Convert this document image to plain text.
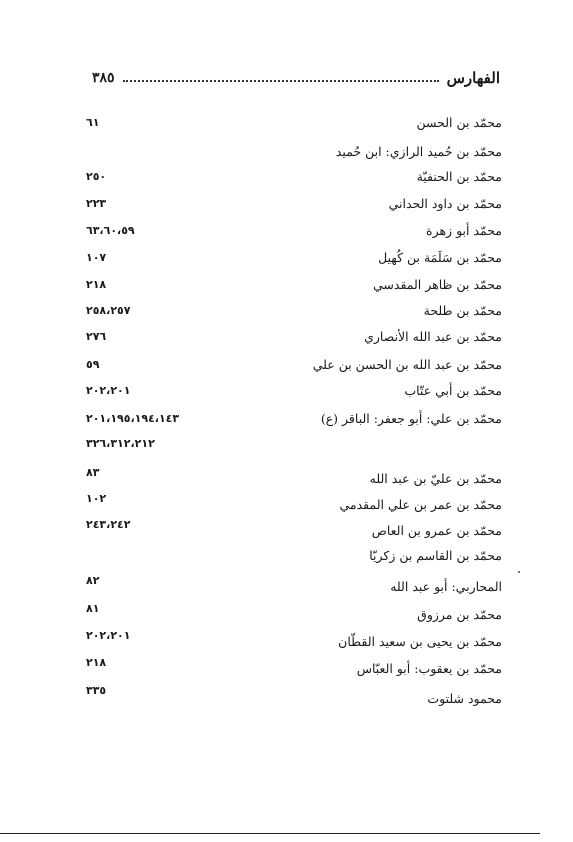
الفهارس
٣٨٥
محمّد بن الحسن
٦١
محمّد بن حُميد الرازي: ابن حُميد
محمّد بن الحنفيّة
٢٥٠
محمّد بن داود الحداني
٢٢٣
محمّد أبو زهرة
٦٣،٦٠،٥٩
محمّد بن سَلَمَة بن كُهيل
١٠٧
محمّد بن ظاهر المقدسي
٢١٨
محمّد بن طلحة
٢٥٨،٢٥٧
محمّد بن عبد الله الأنصاري
٢٧٦
محمّد بن عبد الله بن الحسن بن علي
٥٩
محمّد بن أبي عتّاب
٢٠٢،٢٠١
محمّد بن علي: أبو جعفر: الباقر (ع)
٢٠١،١٩٥،١٩٤،١٤٣
٣٢٦،٣١٢،٢١٢
محمّد بن عليّ بن عبد الله
٨٣
محمّد بن عمر بن علي المقدمي
١٠٢
محمّد بن عمرو بن العاص
٢٤٣،٢٤٢
محمّد بن القاسم بن زكريّا
المحاربي: أبو عبد الله
٨٢
محمّد بن مرزوق
٨١
محمّد بن يحيى بن سعيد القطّان
٢٠٢،٢٠١
محمّد بن يعقوب: أبو العبّاس
٢١٨
محمود شلتوت
٣٣٥
